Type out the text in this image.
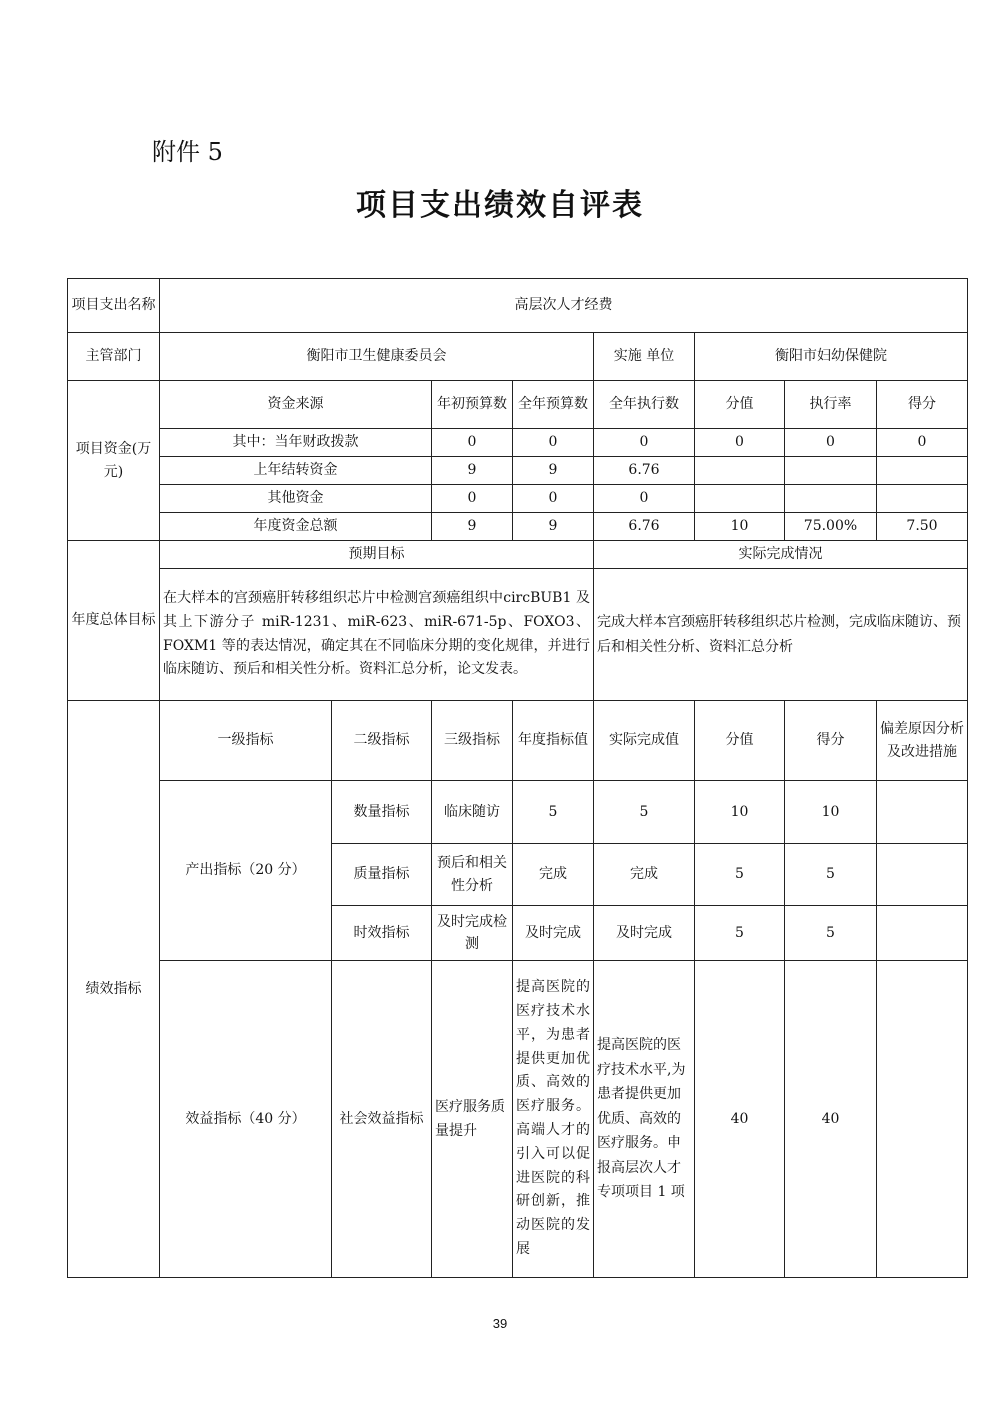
附件 5
项目支出绩效自评表
项目支出名称	高层次人才经费							
主管部门	衡阳市卫生健康委员会				实施 单位	衡阳市妇幼保健院		
项目资金(万元)	资金来源		年初预算数	全年预算数	全年执行数	分值	执行率	得分
	其中：当年财政拨款		0	0	0	0	0	0
	上年结转资金		9	9	6.76			
	其他资金		0	0	0			
	年度资金总额		9	9	6.76	10	75.00%	7.50
年度总体目标	预期目标				实际完成情况			
	在大样本的宫颈癌肝转移组织芯片中检测宫颈癌组织中circBUB1 及其上下游分子 miR-1231、miR-623、miR-671-5p、FOXO3、FOXM1 等的表达情况，确定其在不同临床分期的变化规律，并进行临床随访、预后和相关性分析。资料汇总分析，论文发表。				完成大样本宫颈癌肝转移组织芯片检测，完成临床随访、预后和相关性分析、资料汇总分析			
绩效指标	一级指标	二级指标	三级指标	年度指标值	实际完成值	分值	得分	偏差原因分析及改进措施
	产出指标（20 分）	数量指标	临床随访	5	5	10	10	
		质量指标	预后和相关性分析	完成	完成	5	5	
		时效指标	及时完成检测	及时完成	及时完成	5	5	
	效益指标（40 分）	社会效益指标	医疗服务质量提升	提高医院的医疗技术水平，为患者提供更加优质、高效的医疗服务。高端人才的引入可以促进医院的科研创新，推动医院的发展	提高医院的医疗技术水平,为患者提供更加优质、高效的医疗服务。申报高层次人才专项项目 1 项	40	40	
39
